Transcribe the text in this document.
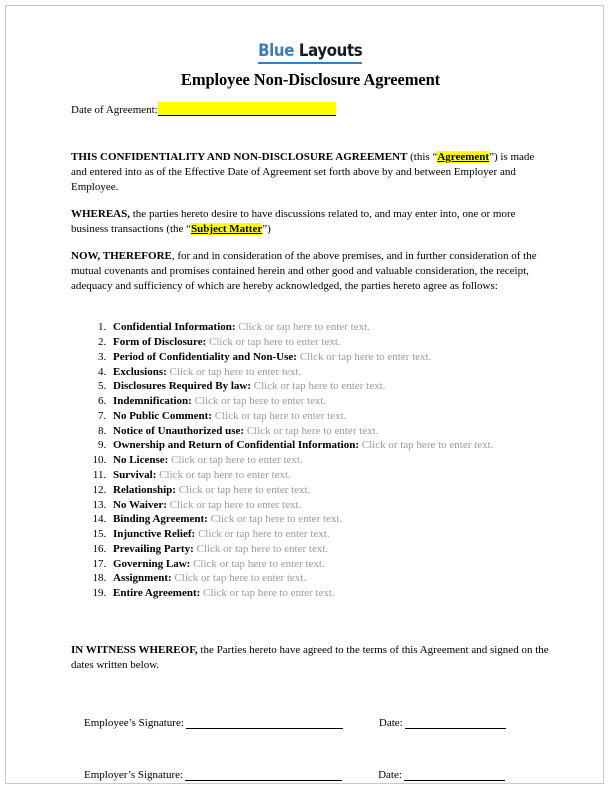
Blue Layouts
Employee Non-Disclosure Agreement
Date of Agreement:

THIS CONFIDENTIALITY AND NON-DISCLOSURE AGREEMENT (this “Agreement”) is made and entered into as of the Effective Date of Agreement set forth above by and between Employer and Employee.

WHEREAS, the parties hereto desire to have discussions related to, and may enter into, one or more business transactions (the “Subject Matter”)

NOW, THEREFORE, for and in consideration of the above premises, and in further consideration of the mutual covenants and promises contained herein and other good and valuable consideration, the receipt, adequacy and sufficiency of which are hereby acknowledged, the parties hereto agree as follows:

1. Confidential Information: Click or tap here to enter text.
2. Form of Disclosure: Click or tap here to enter text.
3. Period of Confidentiality and Non-Use: Click or tap here to enter text.
4. Exclusions: Click or tap here to enter text.
5. Disclosures Required By law: Click or tap here to enter text.
6. Indemnification: Click or tap here to enter text.
7. No Public Comment: Click or tap here to enter text.
8. Notice of Unauthorized use: Click or tap here to enter text.
9. Ownership and Return of Confidential Information: Click or tap here to enter text.
10. No License: Click or tap here to enter text.
11. Survival: Click or tap here to enter text.
12. Relationship: Click or tap here to enter text.
13. No Waiver: Click or tap here to enter text.
14. Binding Agreement: Click or tap here to enter text.
15. Injunctive Relief: Click or tap here to enter text.
16. Prevailing Party: Click or tap here to enter text.
17. Governing Law: Click or tap here to enter text.
18. Assignment: Click or tap here to enter text.
19. Entire Agreement: Click or tap here to enter text.

IN WITNESS WHEREOF, the Parties hereto have agreed to the terms of this Agreement and signed on the dates written below.

Employee’s Signature:	Date:
Employer’s Signature:	Date:
